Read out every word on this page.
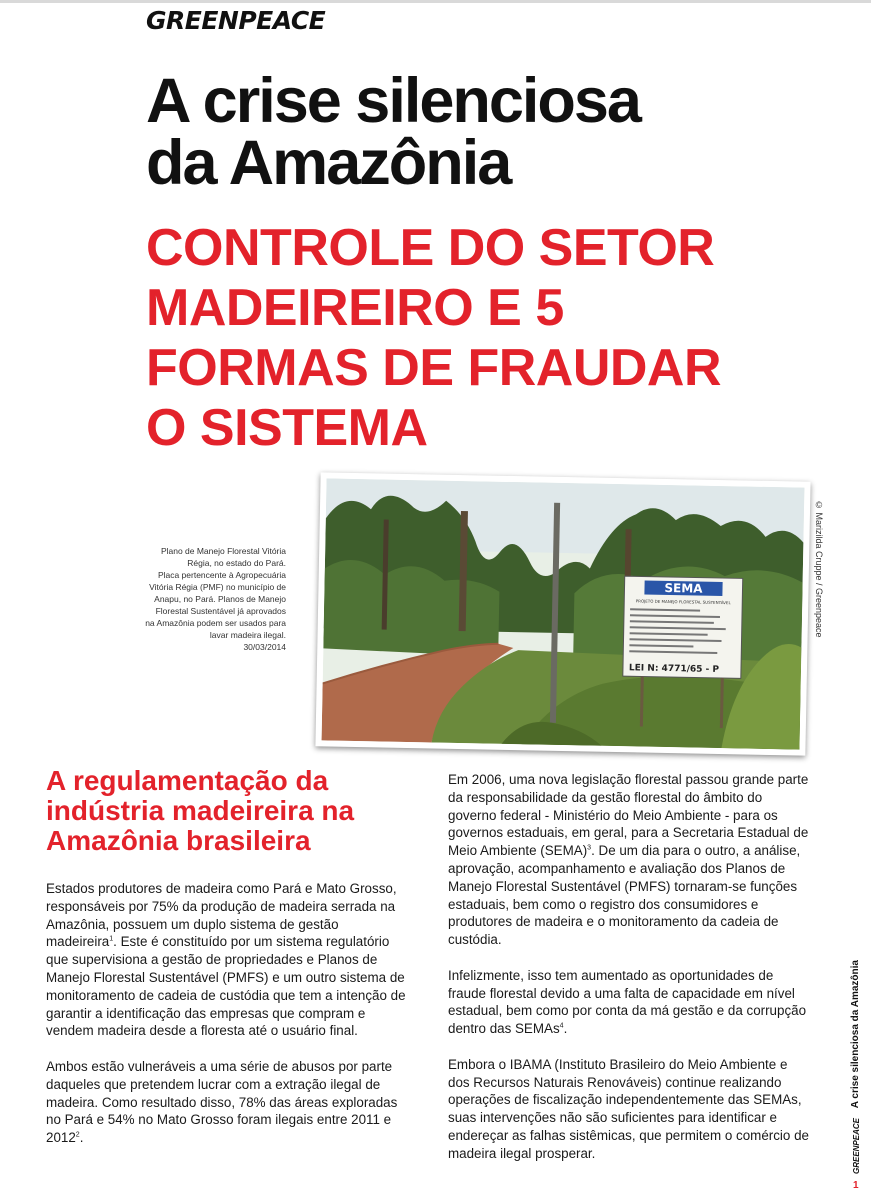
GREENPEACE
A crise silenciosa
da Amazônia
CONTROLE DO SETOR
MADEIREIRO E 5
FORMAS DE FRAUDAR
O SISTEMA
Plano de Manejo Florestal Vitória
Régia, no estado do Pará.
Placa pertencente à Agropecuária
Vitória Régia (PMF) no município de
Anapu, no Pará. Planos de Manejo
Florestal Sustentável já aprovados
na Amazônia podem ser usados para
lavar madeira ilegal.
30/03/2014
SEMA
PROJETO DE MANEJO FLORESTAL SUSTENTÁVEL
LEI N: 4771/65 - P
© Marizilda Cruppe / Greenpeace
A regulamentação da
indústria madeireira na
Amazônia brasileira

Estados produtores de madeira como Pará e Mato Grosso, responsáveis por 75% da produção de madeira serrada na Amazônia, possuem um duplo sistema de gestão madeireira$^1$. Este é constituído por um sistema regulatório que supervisiona a gestão de propriedades e Planos de Manejo Florestal Sustentável (PMFS) e um outro sistema de monitoramento de cadeia de custódia que tem a intenção de garantir a identificação das empresas que compram e vendem madeira desde a floresta até o usuário final.

Ambos estão vulneráveis a uma série de abusos por parte daqueles que pretendem lucrar com a extração ilegal de madeira. Como resultado disso, 78% das áreas exploradas no Pará e 54% no Mato Grosso foram ilegais entre 2011 e 2012$^2$.

Em 2006, uma nova legislação florestal passou grande parte da responsabilidade da gestão florestal do âmbito do governo federal - Ministério do Meio Ambiente - para os governos estaduais, em geral, para a Secretaria Estadual de Meio Ambiente (SEMA)$^3$. De um dia para o outro, a análise, aprovação, acompanhamento e avaliação dos Planos de Manejo Florestal Sustentável (PMFS) tornaram-se funções estaduais, bem como o registro dos consumidores e produtores de madeira e o monitoramento da cadeia de custódia.

Infelizmente, isso tem aumentado as oportunidades de fraude florestal devido a uma falta de capacidade em nível estadual, bem como por conta da má gestão e da corrupção dentro das SEMAs$^4$.

Embora o IBAMA (Instituto Brasileiro do Meio Ambiente e dos Recursos Naturais Renováveis) continue realizando operações de fiscalização independentemente das SEMAs, suas intervenções não são suficientes para identificar e endereçar as falhas sistêmicas, que permitem o comércio de madeira ilegal prosperar.

A crise silenciosa da Amazônia
GREENPEACE
1
